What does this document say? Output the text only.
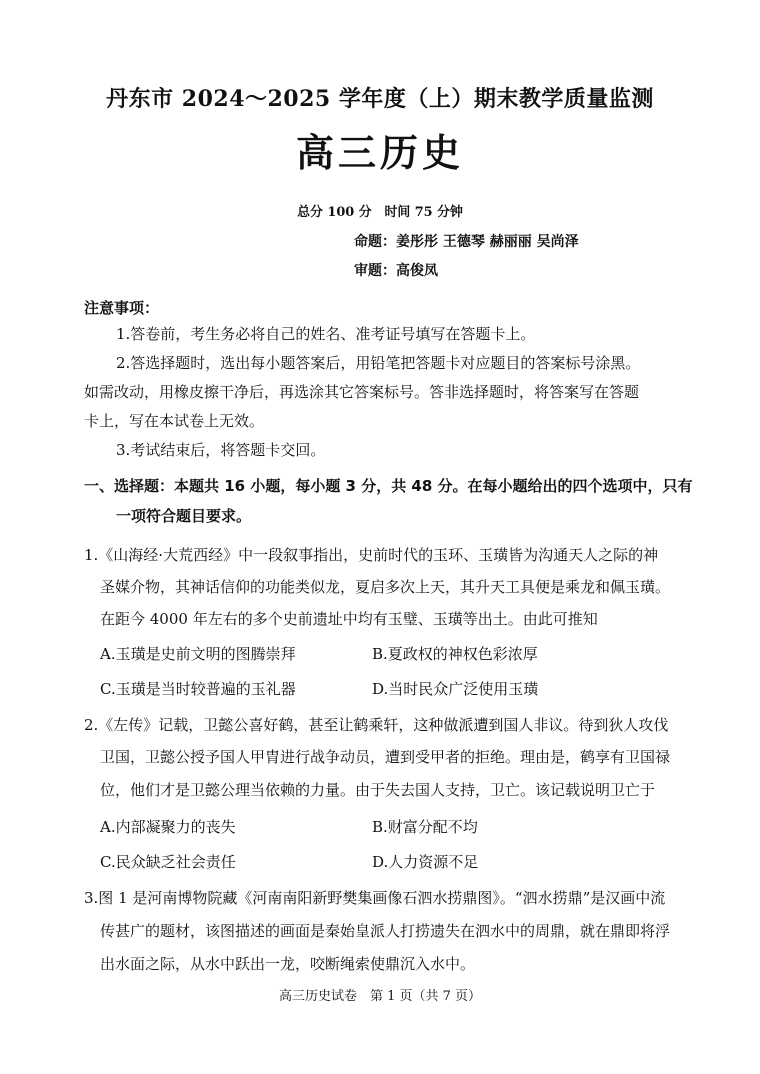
丹东市 2024～2025 学年度（上）期末教学质量监测
高三历史
总分 100 分　时间 75 分钟
命题：姜彤彤 王德琴 赫丽丽 吴尚泽
审题：高俊凤
注意事项：
1.答卷前，考生务必将自己的姓名、准考证号填写在答题卡上。
2.答选择题时，选出每小题答案后，用铅笔把答题卡对应题目的答案标号涂黑。
如需改动，用橡皮擦干净后，再选涂其它答案标号。答非选择题时，将答案写在答题
卡上，写在本试卷上无效。
3.考试结束后，将答题卡交回。
一、选择题：本题共 16 小题，每小题 3 分，共 48 分。在每小题给出的四个选项中，只有
一项符合题目要求。
1.《山海经·大荒西经》中一段叙事指出，史前时代的玉环、玉璜皆为沟通天人之际的神
圣媒介物，其神话信仰的功能类似龙，夏启多次上天，其升天工具便是乘龙和佩玉璜。
在距今 4000 年左右的多个史前遗址中均有玉璧、玉璜等出土。由此可推知
A.玉璜是史前文明的图腾崇拜	B.夏政权的神权色彩浓厚
C.玉璜是当时较普遍的玉礼器	D.当时民众广泛使用玉璜
2.《左传》记载，卫懿公喜好鹤，甚至让鹤乘轩，这种做派遭到国人非议。待到狄人攻伐
卫国，卫懿公授予国人甲胄进行战争动员，遭到受甲者的拒绝。理由是，鹤享有卫国禄
位，他们才是卫懿公理当依赖的力量。由于失去国人支持，卫亡。该记载说明卫亡于
A.内部凝聚力的丧失	B.财富分配不均
C.民众缺乏社会责任	D.人力资源不足
3.图 1 是河南博物院藏《河南南阳新野樊集画像石泗水捞鼎图》。“泗水捞鼎”是汉画中流
传甚广的题材，该图描述的画面是秦始皇派人打捞遗失在泗水中的周鼎，就在鼎即将浮
出水面之际，从水中跃出一龙，咬断绳索使鼎沉入水中。
高三历史试卷　第 1 页（共 7 页）
